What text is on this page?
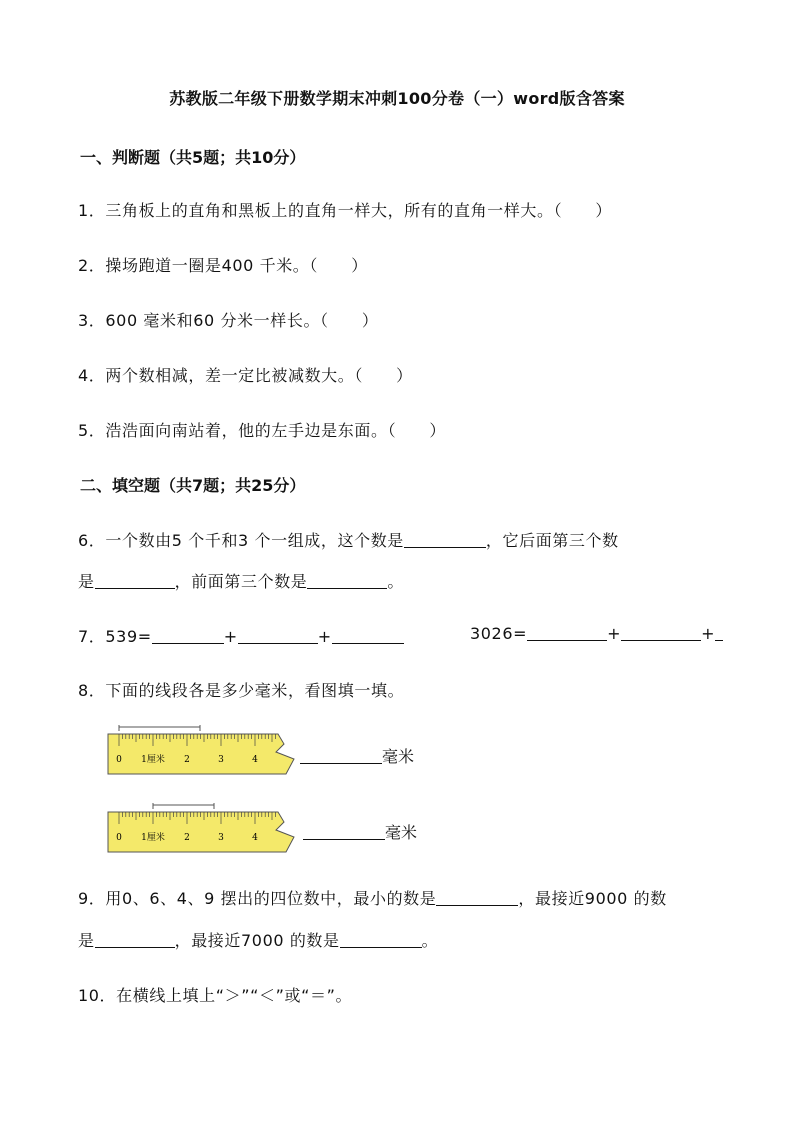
苏教版二年级下册数学期末冲刺100分卷（一）word版含答案
一、判断题（共5题；共10分）
1．三角板上的直角和黑板上的直角一样大，所有的直角一样大。（　　）
2．操场跑道一圈是400 千米。（　　）
3．600 毫米和60 分米一样长。（　　）
4．两个数相减，差一定比被减数大。（　　）
5．浩浩面向南站着，他的左手边是东面。（　　）
二、填空题（共7题；共25分）
6．一个数由5 个千和3 个一组成，这个数是	，它后面第三个数
是	，前面第三个数是	。
7．539=	+	+	3026=	+	+
8．下面的线段各是多少毫米，看图填一填。
0 1厘米 2	3	4	毫米
0 1厘米 2	3	4	毫米
9．用0、6、4、9 摆出的四位数中，最小的数是	，最接近9000 的数
是	，最接近7000 的数是	。
10．在横线上填上“＞”“＜”或“＝”。
